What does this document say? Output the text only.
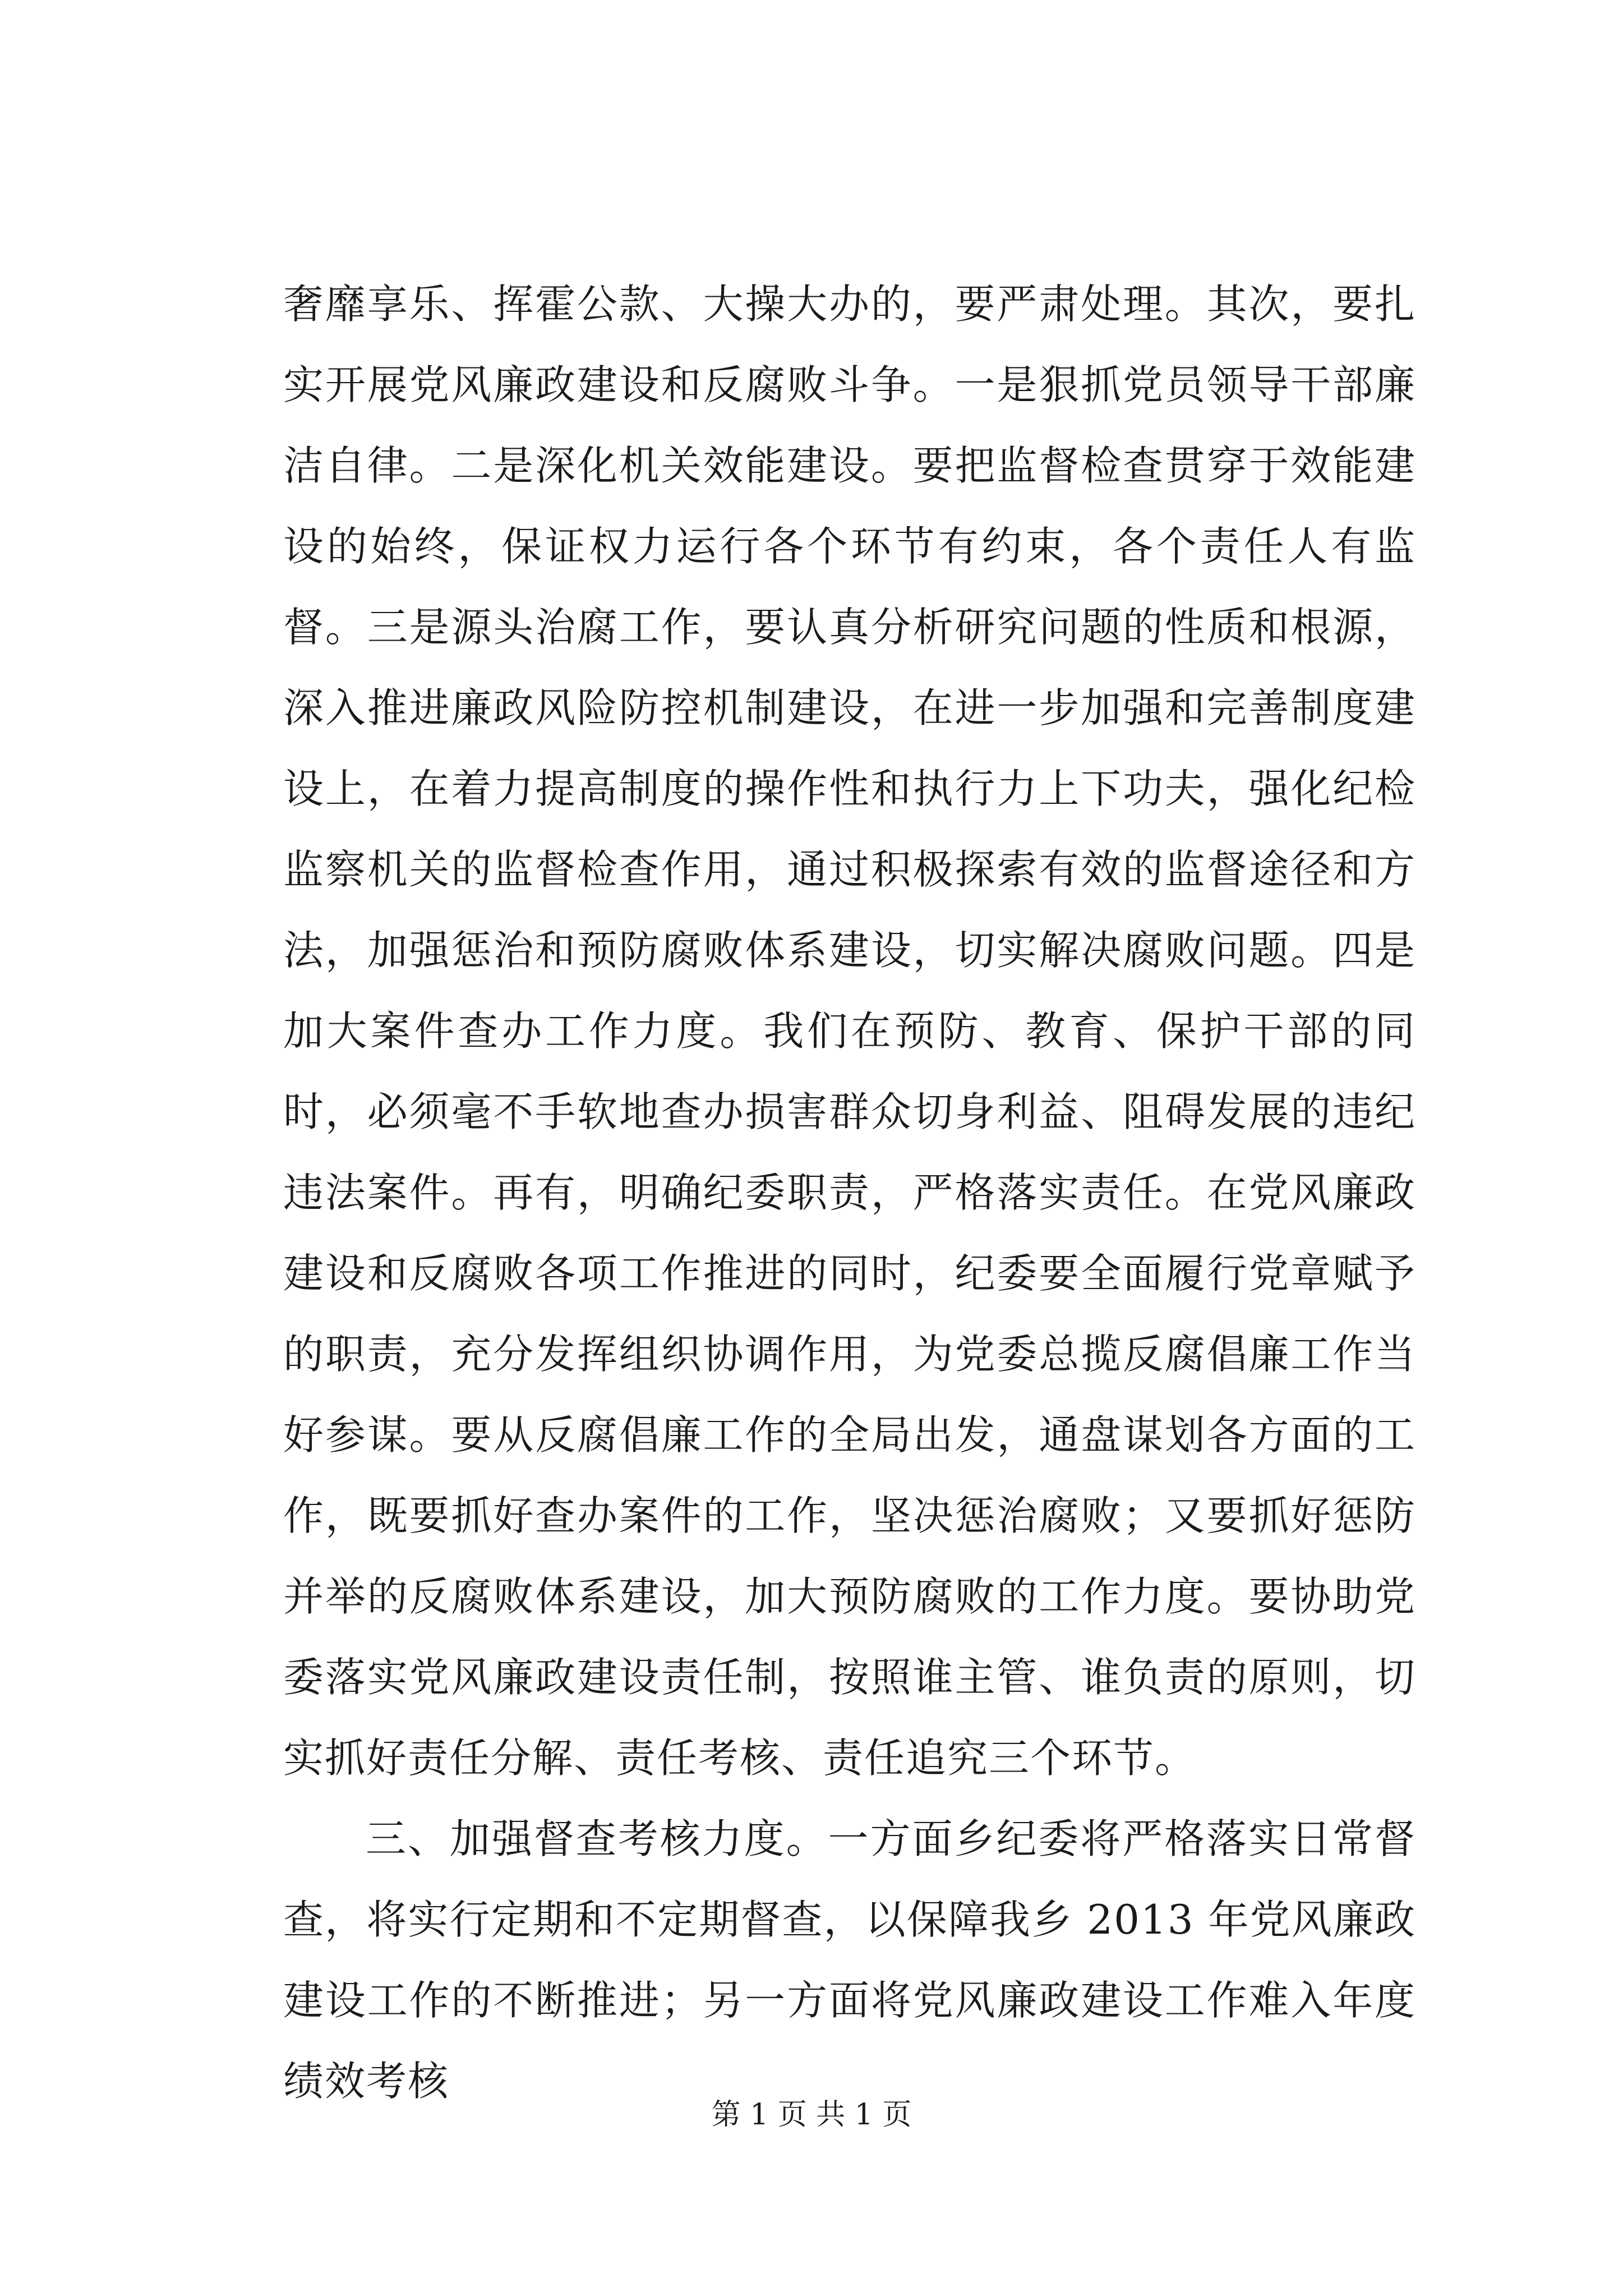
奢靡享乐、挥霍公款、大操大办的，要严肃处理。其次，要扎实开展党风廉政建设和反腐败斗争。一是狠抓党员领导干部廉洁自律。二是深化机关效能建设。要把监督检查贯穿于效能建设的始终，保证权力运行各个环节有约束，各个责任人有监督。三是源头治腐工作，要认真分析研究问题的性质和根源，深入推进廉政风险防控机制建设，在进一步加强和完善制度建设上，在着力提高制度的操作性和执行力上下功夫，强化纪检监察机关的监督检查作用，通过积极探索有效的监督途径和方法，加强惩治和预防腐败体系建设，切实解决腐败问题。四是加大案件查办工作力度。我们在预防、教育、保护干部的同时，必须毫不手软地查办损害群众切身利益、阻碍发展的违纪违法案件。再有，明确纪委职责，严格落实责任。在党风廉政建设和反腐败各项工作推进的同时，纪委要全面履行党章赋予的职责，充分发挥组织协调作用，为党委总揽反腐倡廉工作当好参谋。要从反腐倡廉工作的全局出发，通盘谋划各方面的工作，既要抓好查办案件的工作，坚决惩治腐败；又要抓好惩防并举的反腐败体系建设，加大预防腐败的工作力度。要协助党委落实党风廉政建设责任制，按照谁主管、谁负责的原则，切实抓好责任分解、责任考核、责任追究三个环节。

三、加强督查考核力度。一方面乡纪委将严格落实日常督查，将实行定期和不定期督查，以保障我乡 2013 年党风廉政建设工作的不断推进；另一方面将党风廉政建设工作难入年度绩效考核

第 1 页 共 1 页
